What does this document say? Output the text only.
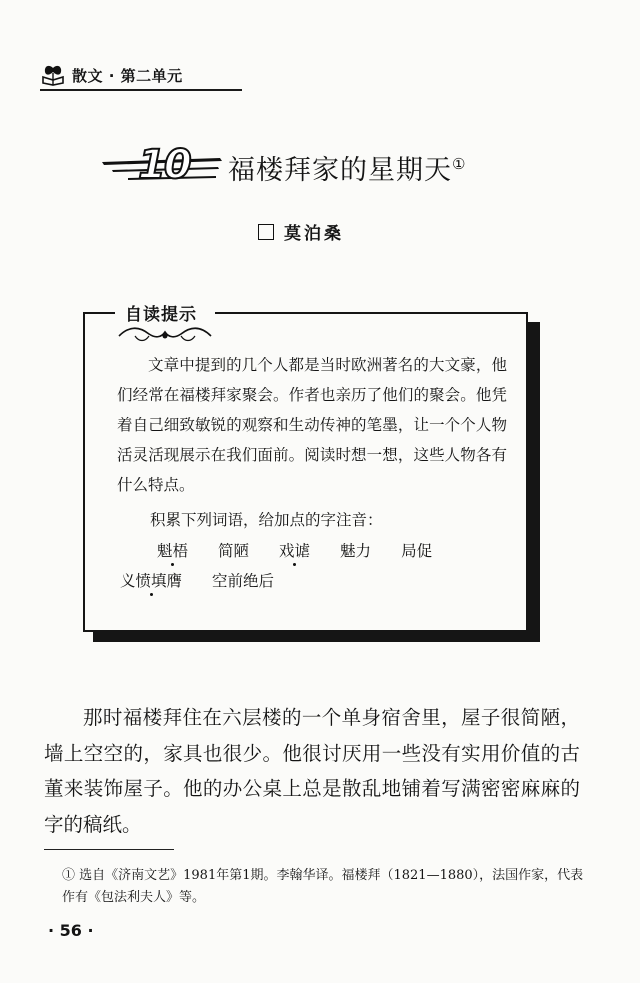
散文 · 第二单元
10 福楼拜家的星期天①
莫泊桑
自读提示

文章中提到的几个人都是当时欧洲著名的大文豪，他们经常在福楼拜家聚会。作者也亲历了他们的聚会。他凭着自己细致敏锐的观察和生动传神的笔墨，让一个个人物活灵活现展示在我们面前。阅读时想一想，这些人物各有什么特点。

积累下列词语，给加点的字注音：
魁梧 简陋 戏谑 魅力 局促
义愤填膺 空前绝后

那时福楼拜住在六层楼的一个单身宿舍里，屋子很简陋，墙上空空的，家具也很少。他很讨厌用一些没有实用价值的古董来装饰屋子。他的办公桌上总是散乱地铺着写满密密麻麻的字的稿纸。

① 选自《济南文艺》1981年第1期。李翰华译。福楼拜（1821—1880），法国作家，代表作有《包法利夫人》等。
· 56 ·
